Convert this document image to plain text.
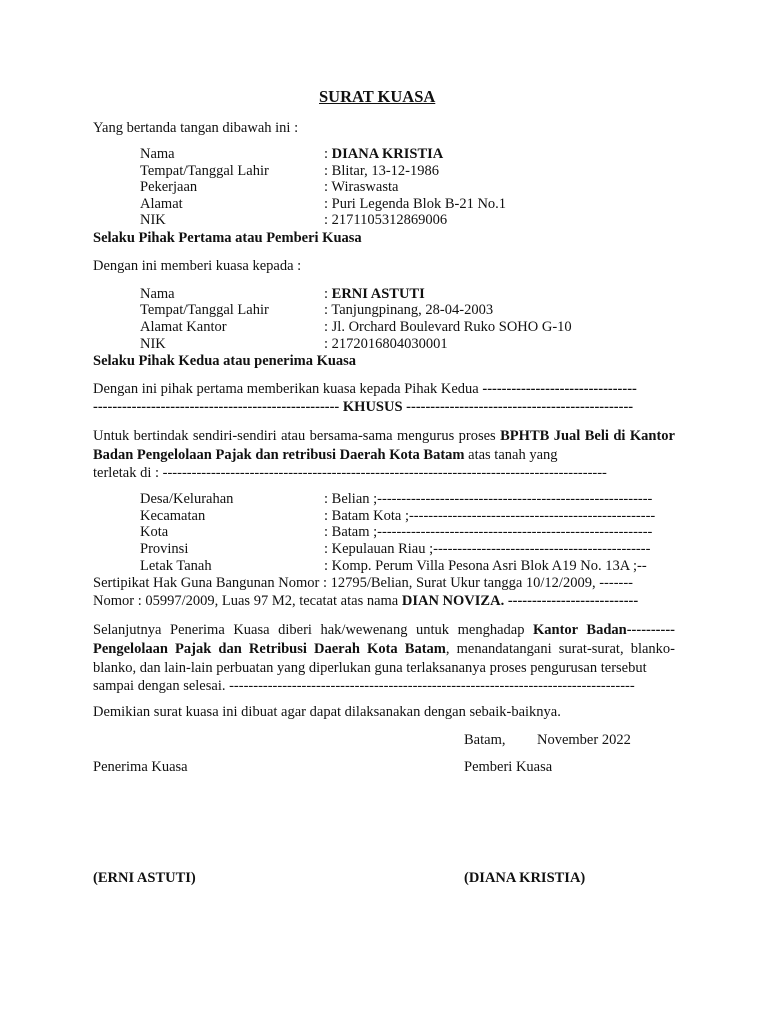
SURAT KUASA
Yang bertanda tangan dibawah ini :
Nama	: DIANA KRISTIA
Tempat/Tanggal Lahir	: Blitar, 13-12-1986
Pekerjaan	: Wiraswasta
Alamat	: Puri Legenda Blok B-21 No.1
NIK	: 2171105312869006
Selaku Pihak Pertama atau Pemberi Kuasa
Dengan ini memberi kuasa kepada :
Nama	: ERNI ASTUTI
Tempat/Tanggal Lahir	: Tanjungpinang, 28-04-2003
Alamat Kantor	: Jl. Orchard Boulevard Ruko SOHO G-10
NIK	: 2172016804030001
Selaku Pihak Kedua atau penerima Kuasa
Dengan ini pihak pertama memberikan kuasa kepada Pihak Kedua --------------------------------
--------------------------------------------------- KHUSUS -----------------------------------------------
Untuk bertindak sendiri-sendiri atau bersama-sama mengurus proses BPHTB Jual Beli di Kantor Badan Pengelolaan Pajak dan retribusi Daerah Kota Batam atas tanah yang
terletak di : --------------------------------------------------------------------------------------------
Desa/Kelurahan	: Belian ;---------------------------------------------------------
Kecamatan	: Batam Kota ;---------------------------------------------------
Kota	: Batam ;---------------------------------------------------------
Provinsi	: Kepulauan Riau ;---------------------------------------------
Letak Tanah	: Komp. Perum Villa Pesona Asri Blok A19 No. 13A ;--
Sertipikat Hak Guna Bangunan Nomor : 12795/Belian, Surat Ukur tangga 10/12/2009, -------
Nomor : 05997/2009, Luas 97 M2, tecatat atas nama DIAN NOVIZA. ---------------------------
Selanjutnya Penerima Kuasa diberi hak/wewenang untuk menghadap Kantor Badan---------- Pengelolaan Pajak dan Retribusi Daerah Kota Batam, menandatangani surat-surat, blanko-blanko, dan lain-lain perbuatan yang diperlukan guna terlaksananya proses pengurusan tersebut
sampai dengan selesai. ------------------------------------------------------------------------------------
Demikian surat kuasa ini dibuat agar dapat dilaksanakan dengan sebaik-baiknya.
Batam, November 2022
Penerima Kuasa	Pemberi Kuasa
(ERNI ASTUTI)	(DIANA KRISTIA)
